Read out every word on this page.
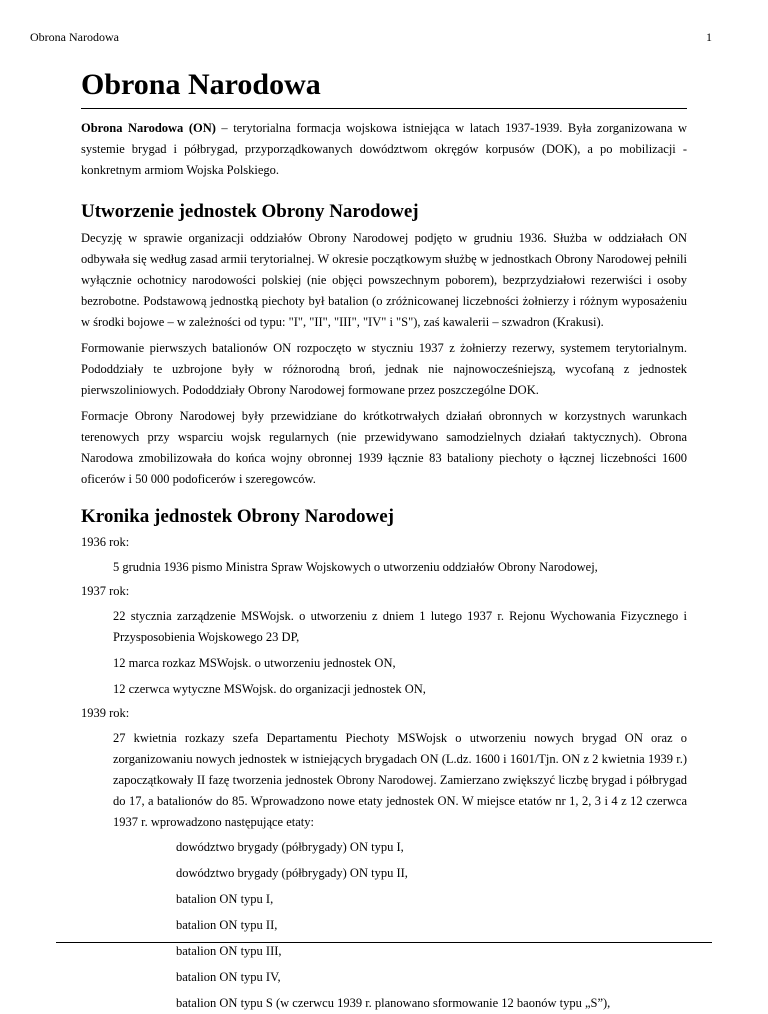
Obrona Narodowa	1
Obrona Narodowa

Obrona Narodowa (ON) – terytorialna formacja wojskowa istniejąca w latach 1937-1939. Była zorganizowana w systemie brygad i półbrygad, przyporządkowanych dowództwom okręgów korpusów (DOK), a po mobilizacji - konkretnym armiom Wojska Polskiego.

Utworzenie jednostek Obrony Narodowej

Decyzję w sprawie organizacji oddziałów Obrony Narodowej podjęto w grudniu 1936. Służba w oddziałach ON odbywała się według zasad armii terytorialnej. W okresie początkowym służbę w jednostkach Obrony Narodowej pełnili wyłącznie ochotnicy narodowości polskiej (nie objęci powszechnym poborem), bezprzydziałowi rezerwiści i osoby bezrobotne. Podstawową jednostką piechoty był batalion (o zróżnicowanej liczebności żołnierzy i różnym wyposażeniu w środki bojowe – w zależności od typu: "I", "II", "III", "IV" i "S"), zaś kawalerii – szwadron (Krakusi).

Formowanie pierwszych batalionów ON rozpoczęto w styczniu 1937 z żołnierzy rezerwy, systemem terytorialnym. Pododdziały te uzbrojone były w różnorodną broń, jednak nie najnowocześniejszą, wycofaną z jednostek pierwszoliniowych. Pododdziały Obrony Narodowej formowane przez poszczególne DOK.

Formacje Obrony Narodowej były przewidziane do krótkotrwałych działań obronnych w korzystnych warunkach terenowych przy wsparciu wojsk regularnych (nie przewidywano samodzielnych działań taktycznych). Obrona Narodowa zmobilizowała do końca wojny obronnej 1939 łącznie 83 bataliony piechoty o łącznej liczebności 1600 oficerów i 50 000 podoficerów i szeregowców.

Kronika jednostek Obrony Narodowej

1936 rok:

5 grudnia 1936 pismo Ministra Spraw Wojskowych o utworzeniu oddziałów Obrony Narodowej,

1937 rok:

22 stycznia zarządzenie MSWojsk. o utworzeniu z dniem 1 lutego 1937 r. Rejonu Wychowania Fizycznego i Przysposobienia Wojskowego 23 DP,

12 marca rozkaz MSWojsk. o utworzeniu jednostek ON,

12 czerwca wytyczne MSWojsk. do organizacji jednostek ON,

1939 rok:

27 kwietnia rozkazy szefa Departamentu Piechoty MSWojsk o utworzeniu nowych brygad ON oraz o zorganizowaniu nowych jednostek w istniejących brygadach ON (L.dz. 1600 i 1601/Tjn. ON z 2 kwietnia 1939 r.) zapoczątkowały II fazę tworzenia jednostek Obrony Narodowej. Zamierzano zwiększyć liczbę brygad i półbrygad do 17, a batalionów do 85. Wprowadzono nowe etaty jednostek ON. W miejsce etatów nr 1, 2, 3 i 4 z 12 czerwca 1937 r. wprowadzono następujące etaty:

dowództwo brygady (półbrygady) ON typu I,

dowództwo brygady (półbrygady) ON typu II,

batalion ON typu I,

batalion ON typu II,

batalion ON typu III,

batalion ON typu IV,

batalion ON typu S (w czerwcu 1939 r. planowano sformowanie 12 baonów typu „S”),
